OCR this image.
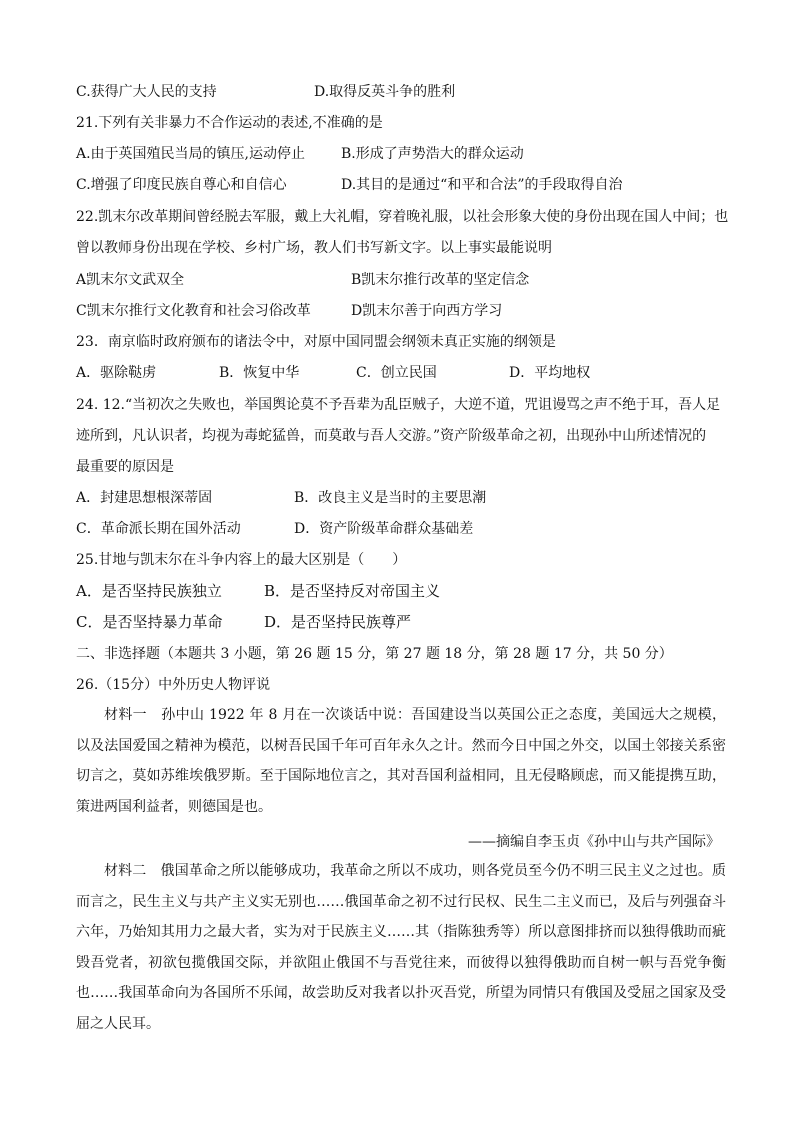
C.获得广大人民的支持	D.取得反英斗争的胜利
21.下列有关非暴力不合作运动的表述,不准确的是
A.由于英国殖民当局的镇压,运动停止	B.形成了声势浩大的群众运动
C.增强了印度民族自尊心和自信心	D.其目的是通过“和平和合法”的手段取得自治
22.凯末尔改革期间曾经脱去军服，戴上大礼帽，穿着晚礼服，以社会形象大使的身份出现在国人中间；也
曾以教师身份出现在学校、乡村广场，教人们书写新文字。以上事实最能说明
A凯末尔文武双全	B凯末尔推行改革的坚定信念
C凯末尔推行文化教育和社会习俗改革	D凯末尔善于向西方学习
23．南京临时政府颁布的诸法令中，对原中国同盟会纲领未真正实施的纲领是
A．驱除鞑虏	B．恢复中华	C．创立民国	D．平均地权
24. 12.“当初次之失败也，举国舆论莫不予吾辈为乱臣贼子，大逆不道，咒诅谩骂之声不绝于耳，吾人足
迹所到，凡认识者，均视为毒蛇猛兽，而莫敢与吾人交游。”资产阶级革命之初，出现孙中山所述情况的
最重要的原因是
A．封建思想根深蒂固	B．改良主义是当时的主要思潮
C．革命派长期在国外活动	D．资产阶级革命群众基础差
25.甘地与凯末尔在斗争内容上的最大区别是（　　）
A．是否坚持民族独立	B．是否坚持反对帝国主义
C．是否坚持暴力革命	D．是否坚持民族尊严
二、非选择题（本题共 3 小题，第 26 题 15 分，第 27 题 18 分，第 28 题 17 分，共 50 分）
26.（15分）中外历史人物评说
材料一　孙中山 1922 年 8 月在一次谈话中说：吾国建设当以英国公正之态度，美国远大之规模，以及法国爱国之精神为模范，以树吾民国千年可百年永久之计。然而今日中国之外交，以国土邻接关系密切言之，莫如苏维埃俄罗斯。至于国际地位言之，其对吾国利益相同，且无侵略顾虑，而又能提携互助，策进两国利益者，则德国是也。
——摘编自李玉贞《孙中山与共产国际》
材料二　俄国革命之所以能够成功，我革命之所以不成功，则各党员至今仍不明三民主义之过也。质而言之，民生主义与共产主义实无别也……俄国革命之初不过行民权、民生二主义而已，及后与列强奋斗六年，乃始知其用力之最大者，实为对于民族主义……其（指陈独秀等）所以意图排挤而以独得俄助而疵毁吾党者，初欲包揽俄国交际，并欲阻止俄国不与吾党往来，而彼得以独得俄助而自树一帜与吾党争衡也……我国革命向为各国所不乐闻，故尝助反对我者以扑灭吾党，所望为同情只有俄国及受屈之国家及受屈之人民耳。
